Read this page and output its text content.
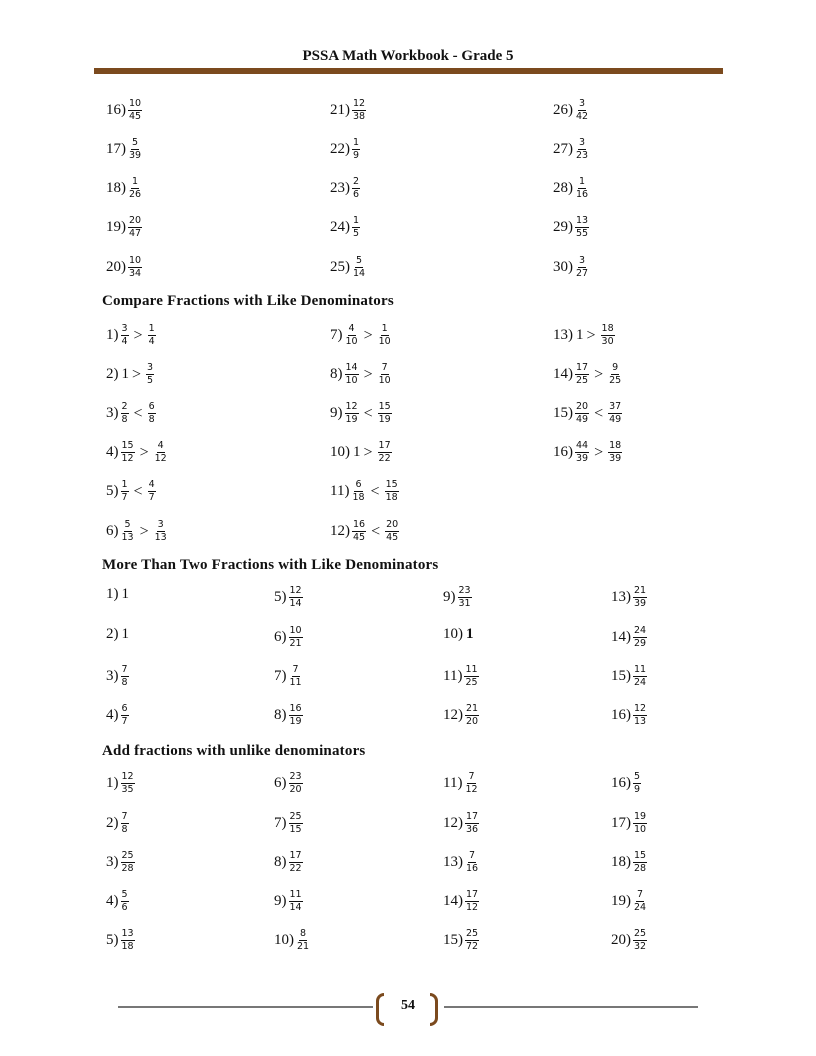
PSSA Math Workbook - Grade 5
Compare Fractions with Like Denominators
More Than Two Fractions with Like Denominators
Add fractions with unlike denominators
$16) \frac{10}{45}$
$17) \frac{5}{39}$
$18) \frac{1}{26}$
$19) \frac{20}{47}$
$20) \frac{10}{34}$
$21) \frac{12}{38}$
$22) \frac{1}{9}$
$23) \frac{2}{6}$
$24) \frac{1}{5}$
$25) \frac{5}{14}$
$26) \frac{3}{42}$
$27) \frac{3}{23}$
$28) \frac{1}{16}$
$29) \frac{13}{55}$
$30) \frac{3}{27}$
$1) \frac{3}{4} > \frac{1}{4}$
2) $1 > \frac{3}{5}$
$3) \frac{2}{8} < \frac{6}{8}$
$4) \frac{15}{12} > \frac{4}{12}$
$5) \frac{1}{7} < \frac{4}{7}$
$6) \frac{5}{13} > \frac{3}{13}$
$7) \frac{4}{10} > \frac{1}{10}$
$8) \frac{14}{10} > \frac{7}{10}$
$9) \frac{12}{19} < \frac{15}{19}$
10) $1 > \frac{17}{22}$
$11) \frac{6}{18} < \frac{15}{18}$
$12) \frac{16}{45} < \frac{20}{45}$
13) $1 > \frac{18}{30}$
$14) \frac{17}{25} > \frac{9}{25}$
$15) \frac{20}{49} < \frac{37}{49}$
$16) \frac{44}{39} > \frac{18}{39}$
1) 1
2) 1
$3) \frac{7}{8}$
$4) \frac{6}{7}$
$5) \frac{12}{14}$
$6) \frac{10}{21}$
$7) \frac{7}{11}$
$8) \frac{16}{19}$
$9) \frac{23}{31}$
10) 1
$11) \frac{11}{25}$
$12) \frac{21}{20}$
$13) \frac{21}{39}$
$14) \frac{24}{29}$
$15) \frac{11}{24}$
$16) \frac{12}{13}$
$1) \frac{12}{35}$
$2) \frac{7}{8}$
$3) \frac{25}{28}$
$4) \frac{5}{6}$
$5) \frac{13}{18}$
$6) \frac{23}{20}$
$7) \frac{25}{15}$
$8) \frac{17}{22}$
$9) \frac{11}{14}$
$10) \frac{8}{21}$
$11) \frac{7}{12}$
$12) \frac{17}{36}$
$13) \frac{7}{16}$
$14) \frac{17}{12}$
$15) \frac{25}{72}$
$16) \frac{5}{9}$
$17) \frac{19}{10}$
$18) \frac{15}{28}$
$19) \frac{7}{24}$
$20) \frac{25}{32}$
54
